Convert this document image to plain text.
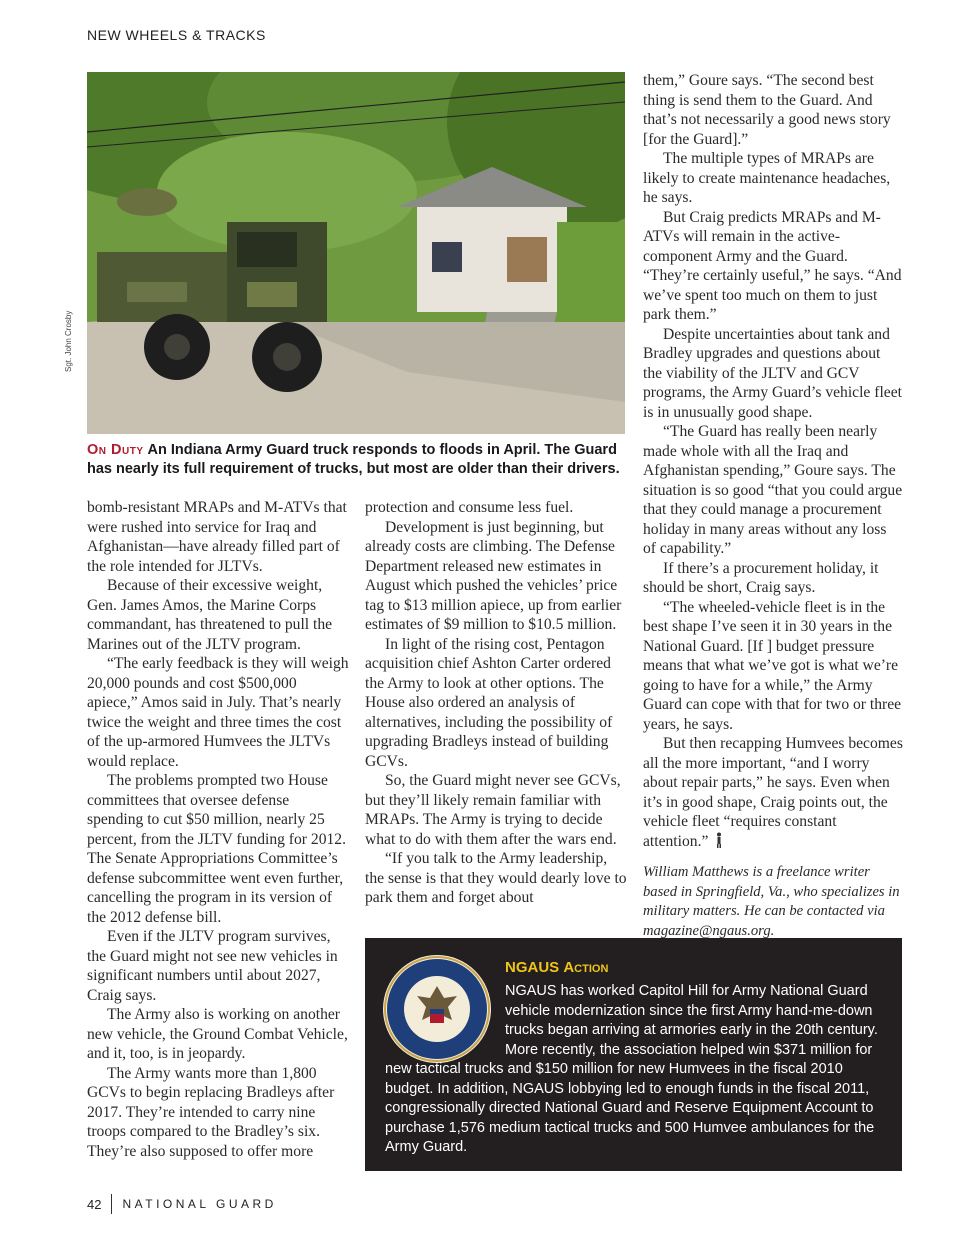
NEW WHEELS & TRACKS
Sgt. John Crosby
On Duty An Indiana Army Guard truck responds to floods in April. The Guard has nearly its full requirement of trucks, but most are older than their drivers.

bomb-resistant MRAPs and M-ATVs that were rushed into service for Iraq and Afghanistan—have already filled part of the role intended for JLTVs.

Because of their excessive weight, Gen. James Amos, the Marine Corps commandant, has threatened to pull the Marines out of the JLTV program.

“The early feedback is they will weigh 20,000 pounds and cost $500,000 apiece,” Amos said in July. That’s nearly twice the weight and three times the cost of the up-armored Humvees the JLTVs would replace.

The problems prompted two House committees that oversee defense spending to cut $50 million, nearly 25 percent, from the JLTV funding for 2012. The Senate Appropriations Committee’s defense subcommittee went even further, cancelling the program in its version of the 2012 defense bill.

Even if the JLTV program survives, the Guard might not see new vehicles in significant numbers until about 2027, Craig says.

The Army also is working on another new vehicle, the Ground Combat Vehicle, and it, too, is in jeopardy.

The Army wants more than 1,800 GCVs to begin replacing Bradleys after 2017. They’re intended to carry nine troops compared to the Bradley’s six. They’re also supposed to offer more

protection and consume less fuel.

Development is just beginning, but already costs are climbing. The Defense Department released new estimates in August which pushed the vehicles’ price tag to $13 million apiece, up from earlier estimates of $9 million to $10.5 million.

In light of the rising cost, Pentagon acquisition chief Ashton Carter ordered the Army to look at other options. The House also ordered an analysis of alternatives, including the possibility of upgrading Bradleys instead of building GCVs.

So, the Guard might never see GCVs, but they’ll likely remain familiar with MRAPs. The Army is trying to decide what to do with them after the wars end.

“If you talk to the Army leadership, the sense is that they would dearly love to park them and forget about

them,” Goure says. “The second best thing is send them to the Guard. And that’s not necessarily a good news story [for the Guard].”

The multiple types of MRAPs are likely to create maintenance headaches, he says.

But Craig predicts MRAPs and M-ATVs will remain in the active-component Army and the Guard. “They’re certainly useful,” he says. “And we’ve spent too much on them to just park them.”

Despite uncertainties about tank and Bradley upgrades and questions about the viability of the JLTV and GCV programs, the Army Guard’s vehicle fleet is in unusually good shape.

“The Guard has really been nearly made whole with all the Iraq and Afghanistan spending,” Goure says. The situation is so good “that you could argue that they could manage a procurement holiday in many areas without any loss of capability.”

If there’s a procurement holiday, it should be short, Craig says.

“The wheeled-vehicle fleet is in the best shape I’ve seen it in 30 years in the National Guard. [If ] budget pressure means that what we’ve got is what we’re going to have for a while,” the Army Guard can cope with that for two or three years, he says.

But then recapping Humvees becomes all the more important, “and I worry about repair parts,” he says. Even when it’s in good shape, Craig points out, the vehicle fleet “requires constant attention.”

William Matthews is a freelance writer based in Springfield, Va., who specializes in military matters. He can be contacted via magazine@ngaus.org.
NGAUS Action
NGAUS has worked Capitol Hill for Army National Guard vehicle modernization since the first Army hand-me-down trucks began arriving at armories early in the 20th century. More recently, the association helped win $371 million for new tactical trucks and $150 million for new Humvees in the fiscal 2010 budget. In addition, NGAUS lobbying led to enough funds in the fiscal 2011, congressionally directed National Guard and Reserve Equipment Account to purchase 1,576 medium tactical trucks and 500 Humvee ambulances for the Army Guard.
42 NATIONAL GUARD
